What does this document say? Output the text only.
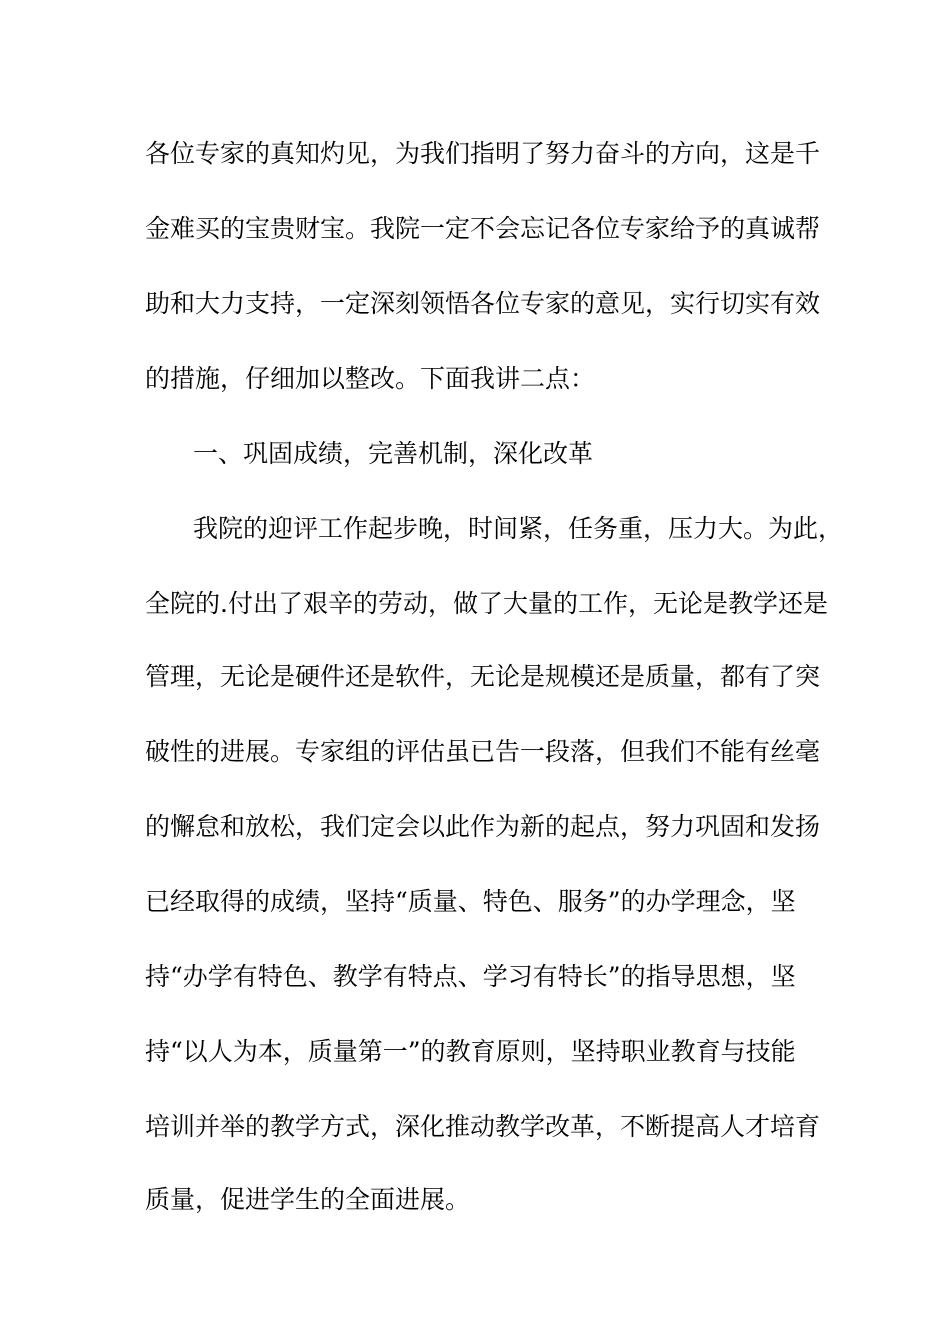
各位专家的真知灼见，为我们指明了努力奋斗的方向，这是千

金难买的宝贵财宝。我院一定不会忘记各位专家给予的真诚帮

助和大力支持，一定深刻领悟各位专家的意见，实行切实有效

的措施，仔细加以整改。下面我讲二点：

一、巩固成绩，完善机制，深化改革

我院的迎评工作起步晚，时间紧，任务重，压力大。为此，

全院的.付出了艰辛的劳动，做了大量的工作，无论是教学还是

管理，无论是硬件还是软件，无论是规模还是质量，都有了突

破性的进展。专家组的评估虽已告一段落，但我们不能有丝毫

的懈怠和放松，我们定会以此作为新的起点，努力巩固和发扬

已经取得的成绩，坚持“质量、特色、服务”的办学理念，坚

持“办学有特色、教学有特点、学习有特长”的指导思想，坚

持“以人为本，质量第一”的教育原则，坚持职业教育与技能

培训并举的教学方式，深化推动教学改革，不断提高人才培育

质量，促进学生的全面进展。
